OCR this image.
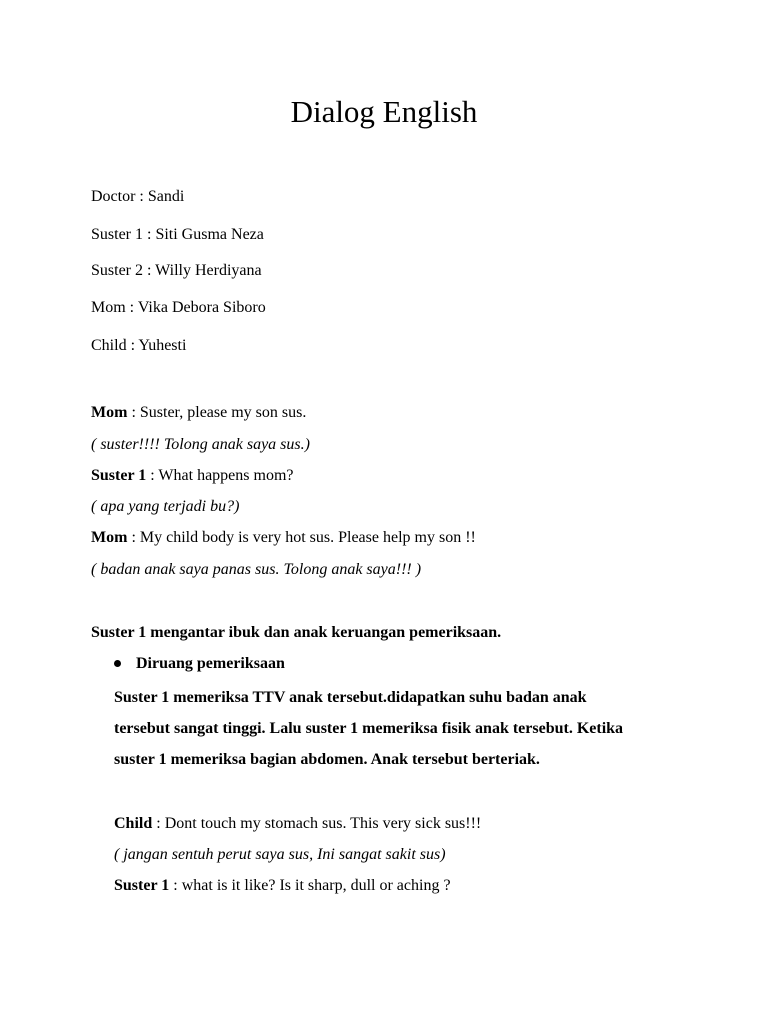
Dialog English
Doctor : Sandi
Suster 1 : Siti Gusma Neza
Suster 2 : Willy Herdiyana
Mom : Vika Debora Siboro
Child : Yuhesti
Mom : Suster, please my son sus.
( suster!!!! Tolong anak saya sus.)
Suster 1 : What happens mom?
( apa yang terjadi bu?)
Mom : My child body is very hot sus. Please help my son !!
( badan anak saya panas sus. Tolong anak saya!!! )
Suster 1 mengantar ibuk dan anak keruangan pemeriksaan.
Diruang pemeriksaan
Suster 1 memeriksa TTV anak tersebut.didapatkan suhu badan anak
tersebut sangat tinggi. Lalu suster 1 memeriksa fisik anak tersebut. Ketika
suster 1 memeriksa bagian abdomen. Anak tersebut berteriak.
Child : Dont touch my stomach sus. This very sick sus!!!
( jangan sentuh perut saya sus, Ini sangat sakit sus)
Suster 1 : what is it like? Is it sharp, dull or aching ?
